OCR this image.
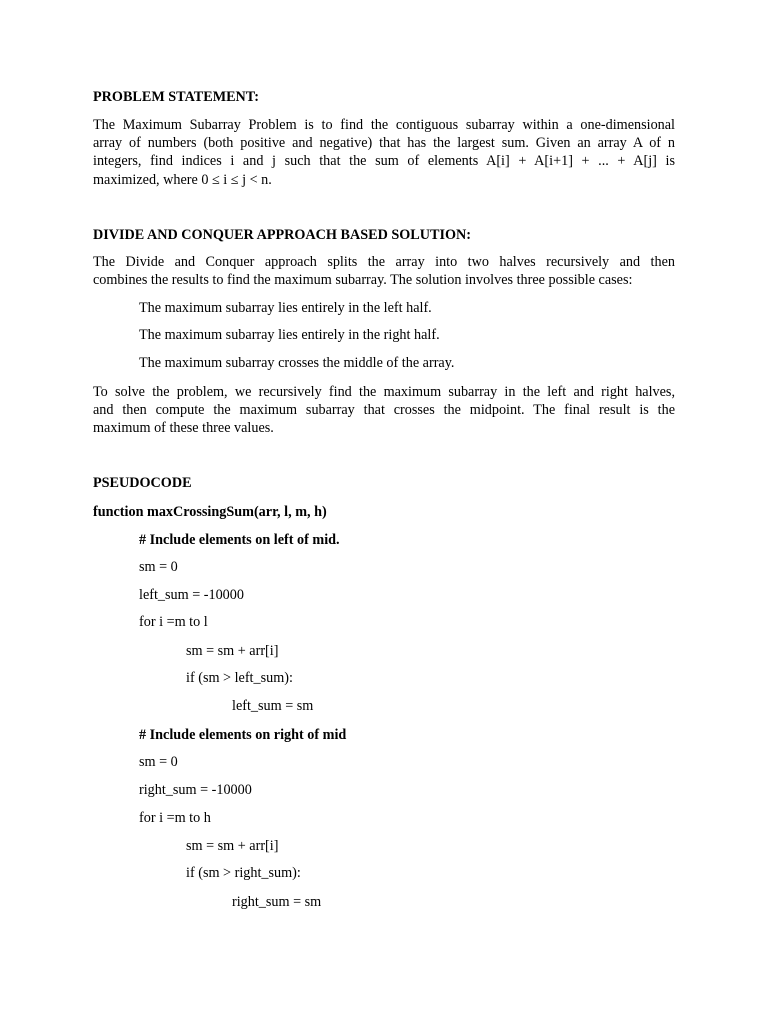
PROBLEM STATEMENT:
The Maximum Subarray Problem is to find the contiguous subarray within a one-dimensional
array of numbers (both positive and negative) that has the largest sum. Given an array A of n
integers, find indices i and j such that the sum of elements A[i] + A[i+1] + ... + A[j] is
maximized, where 0 ≤ i ≤ j < n.
DIVIDE AND CONQUER APPROACH BASED SOLUTION:
The Divide and Conquer approach splits the array into two halves recursively and then
combines the results to find the maximum subarray. The solution involves three possible cases:
The maximum subarray lies entirely in the left half.
The maximum subarray lies entirely in the right half.
The maximum subarray crosses the middle of the array.
To solve the problem, we recursively find the maximum subarray in the left and right halves,
and then compute the maximum subarray that crosses the midpoint. The final result is the
maximum of these three values.
PSEUDOCODE
function maxCrossingSum(arr, l, m, h)
# Include elements on left of mid.
sm = 0
left_sum = -10000
for i =m to l
sm = sm + arr[i]
if (sm > left_sum):
left_sum = sm
# Include elements on right of mid
sm = 0
right_sum = -10000
for i =m to h
sm = sm + arr[i]
if (sm > right_sum):
right_sum = sm
